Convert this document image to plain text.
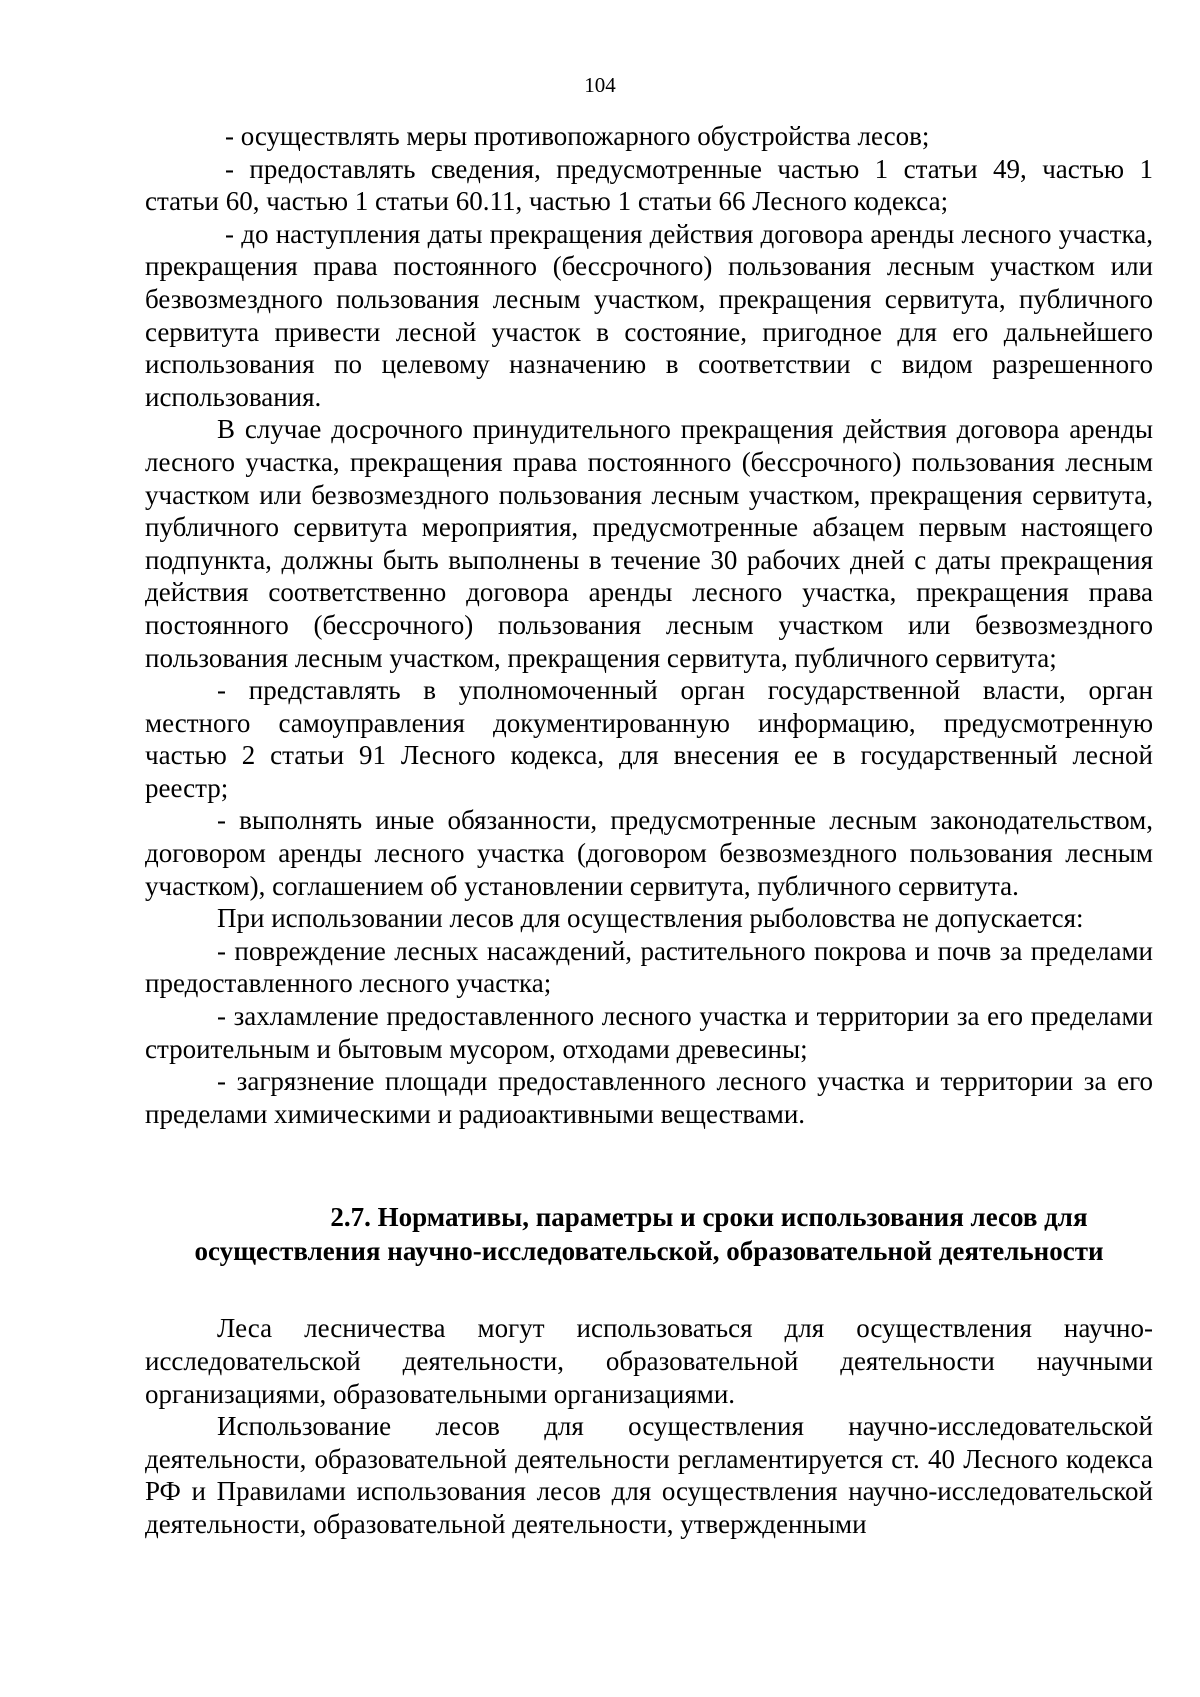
104

- осуществлять меры противопожарного обустройства лесов;

- предоставлять сведения, предусмотренные частью 1 статьи 49, частью 1 статьи 60, частью 1 статьи 60.11, частью 1 статьи 66 Лесного кодекса;

- до наступления даты прекращения действия договора аренды лесного участка, прекращения права постоянного (бессрочного) пользования лесным участком или безвозмездного пользования лесным участком, прекращения сервитута, публичного сервитута привести лесной участок в состояние, пригодное для его дальнейшего использования по целевому назначению в соответствии с видом разрешенного использования.

В случае досрочного принудительного прекращения действия договора аренды лесного участка, прекращения права постоянного (бессрочного) пользования лесным участком или безвозмездного пользования лесным участком, прекращения сервитута, публичного сервитута мероприятия, предусмотренные абзацем первым настоящего подпункта, должны быть выполнены в течение 30 рабочих дней с даты прекращения действия соответственно договора аренды лесного участка, прекращения права постоянного (бессрочного) пользования лесным участком или безвозмездного пользования лесным участком, прекращения сервитута, публичного сервитута;

- представлять в уполномоченный орган государственной власти, орган местного самоуправления документированную информацию, предусмотренную частью 2 статьи 91 Лесного кодекса, для внесения ее в государственный лесной реестр;

- выполнять иные обязанности, предусмотренные лесным законодательством, договором аренды лесного участка (договором безвозмездного пользования лесным участком), соглашением об установлении сервитута, публичного сервитута.

При использовании лесов для осуществления рыболовства не допускается:

- повреждение лесных насаждений, растительного покрова и почв за пределами предоставленного лесного участка;

- захламление предоставленного лесного участка и территории за его пределами строительным и бытовым мусором, отходами древесины;

- загрязнение площади предоставленного лесного участка и территории за его пределами химическими и радиоактивными веществами.

2.7. Нормативы, параметры и сроки использования лесов для
осуществления научно-исследовательской, образовательной деятельности

Леса лесничества могут использоваться для осуществления научно-исследовательской деятельности, образовательной деятельности научными организациями, образовательными организациями.

Использование лесов для осуществления научно-исследовательской деятельности, образовательной деятельности регламентируется ст. 40 Лесного кодекса РФ и Правилами использования лесов для осуществления научно-исследовательской деятельности, образовательной деятельности, утвержденными
